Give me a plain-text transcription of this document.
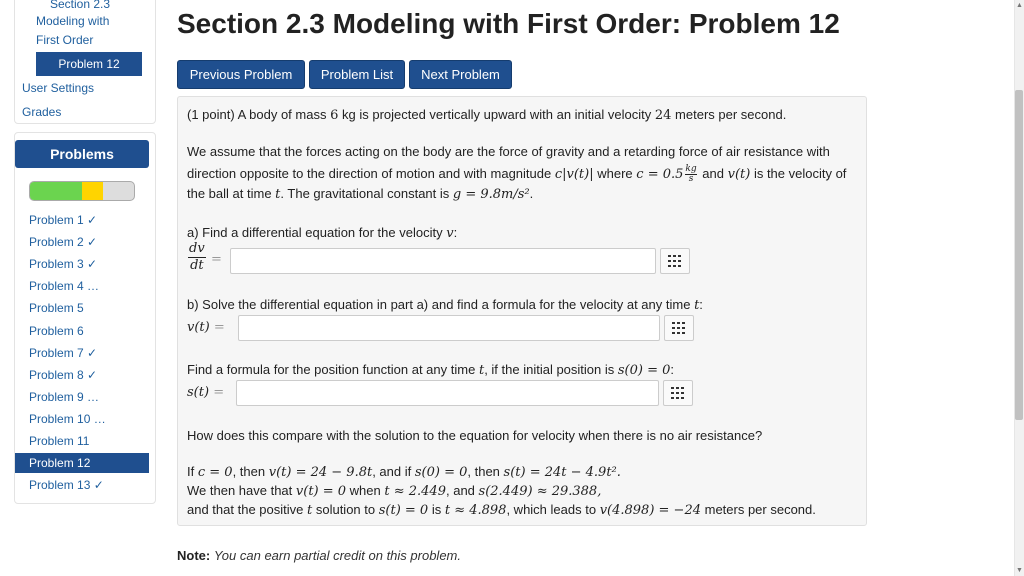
Section 2.3
Modeling with
First Order
Problem 12
User Settings
Grades
Problems
Problem 1 ✓
Problem 2 ✓
Problem 3 ✓
Problem 4 …
Problem 5
Problem 6
Problem 7 ✓
Problem 8 ✓
Problem 9 …
Problem 10 …
Problem 11
Problem 12
Problem 13 ✓
Section 2.3 Modeling with First Order: Problem 12
Previous Problem	Problem List	Next Problem
(1 point) A body of mass 6 kg is projected vertically upward with an initial velocity 24 meters per second.
We assume that the forces acting on the body are the force of gravity and a retarding force of air resistance with
direction opposite to the direction of motion and with magnitude c|v(t)| where $c = 0.5 \frac{kg}{s}$ and v(t) is the velocity of
the ball at time t. The gravitational constant is g = 9.8m/s².
a) Find a differential equation for the velocity v:
dv
dt =
b) Solve the differential equation in part a) and find a formula for the velocity at any time t:
v(t) =
Find a formula for the position function at any time t, if the initial position is s(0) = 0:
s(t) =
How does this compare with the solution to the equation for velocity when there is no air resistance?
If c = 0, then v(t) = 24 − 9.8t, and if s(0) = 0, then s(t) = 24t − 4.9t².
We then have that v(t) = 0 when t ≈ 2.449, and s(2.449) ≈ 29.388,
and that the positive t solution to s(t) = 0 is t ≈ 4.898, which leads to v(4.898) = −24 meters per second.
Note: You can earn partial credit on this problem.
▲
▼
